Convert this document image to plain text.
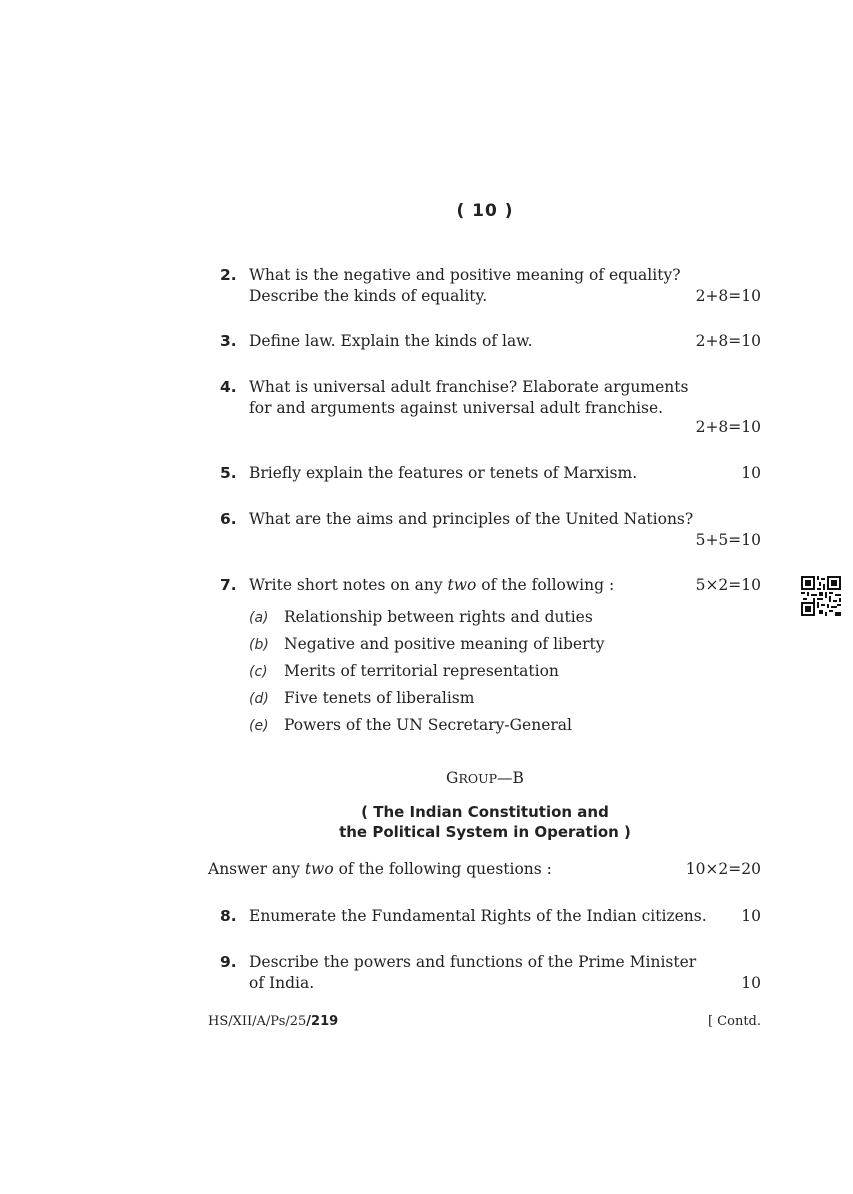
( 10 )
2. What is the negative and positive meaning of equality?
Describe the kinds of equality.	2+8=10
3. Define law. Explain the kinds of law.	2+8=10
4. What is universal adult franchise? Elaborate arguments
for and arguments against universal adult franchise.
2+8=10
5. Briefly explain the features or tenets of Marxism.	10
6. What are the aims and principles of the United Nations?
5+5=10
7. Write short notes on any two of the following :	5×2=10
(a) Relationship between rights and duties
(b) Negative and positive meaning of liberty
(c) Merits of territorial representation
(d) Five tenets of liberalism
(e) Powers of the UN Secretary-General
GROUP—B
( The Indian Constitution and
the Political System in Operation )
Answer any two of the following questions :	10×2=20
8. Enumerate the Fundamental Rights of the Indian citizens.	10
9. Describe the powers and functions of the Prime Minister
of India.	10
HS/XII/A/Ps/25/219	[ Contd.
